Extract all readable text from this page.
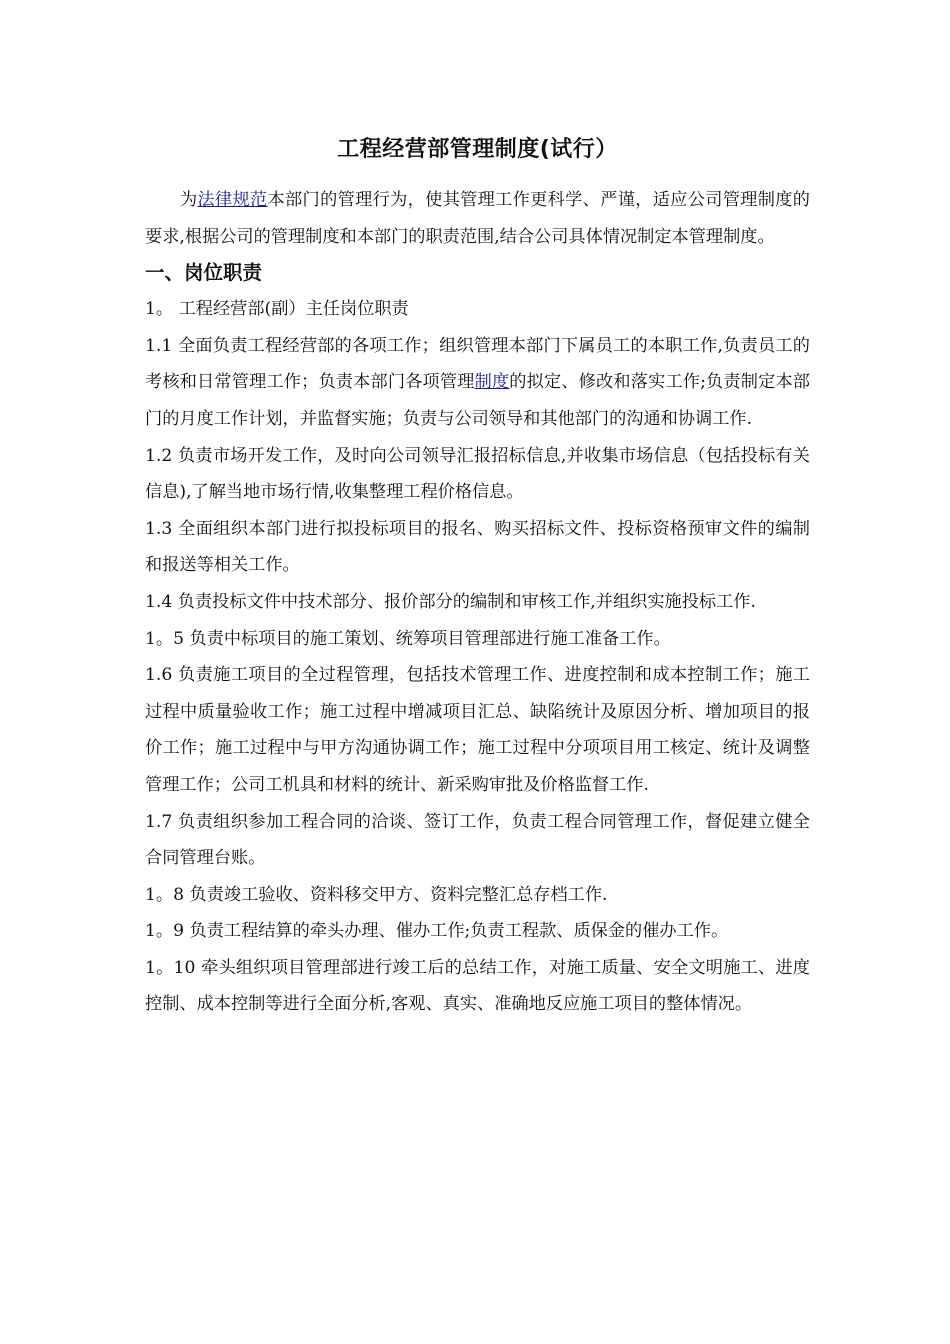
工程经营部管理制度(试行）

为法律规范本部门的管理行为，使其管理工作更科学、严谨，适应公司管理制度的要求,根据公司的管理制度和本部门的职责范围,结合公司具体情况制定本管理制度。

一、岗位职责

1。 工程经营部(副）主任岗位职责

1.1 全面负责工程经营部的各项工作；组织管理本部门下属员工的本职工作,负责员工的考核和日常管理工作；负责本部门各项管理制度的拟定、修改和落实工作;负责制定本部门的月度工作计划，并监督实施；负责与公司领导和其他部门的沟通和协调工作.

1.2 负责市场开发工作，及时向公司领导汇报招标信息,并收集市场信息（包括投标有关信息),了解当地市场行情,收集整理工程价格信息。

1.3 全面组织本部门进行拟投标项目的报名、购买招标文件、投标资格预审文件的编制和报送等相关工作。

1.4 负责投标文件中技术部分、报价部分的编制和审核工作,并组织实施投标工作.

1。5 负责中标项目的施工策划、统筹项目管理部进行施工准备工作。

1.6 负责施工项目的全过程管理，包括技术管理工作、进度控制和成本控制工作；施工过程中质量验收工作；施工过程中增减项目汇总、缺陷统计及原因分析、增加项目的报价工作；施工过程中与甲方沟通协调工作；施工过程中分项项目用工核定、统计及调整管理工作；公司工机具和材料的统计、新采购审批及价格监督工作.

1.7 负责组织参加工程合同的洽谈、签订工作，负责工程合同管理工作，督促建立健全合同管理台账。

1。8 负责竣工验收、资料移交甲方、资料完整汇总存档工作.

1。9 负责工程结算的牵头办理、催办工作;负责工程款、质保金的催办工作。

1。10 牵头组织项目管理部进行竣工后的总结工作，对施工质量、安全文明施工、进度控制、成本控制等进行全面分析,客观、真实、准确地反应施工项目的整体情况。
